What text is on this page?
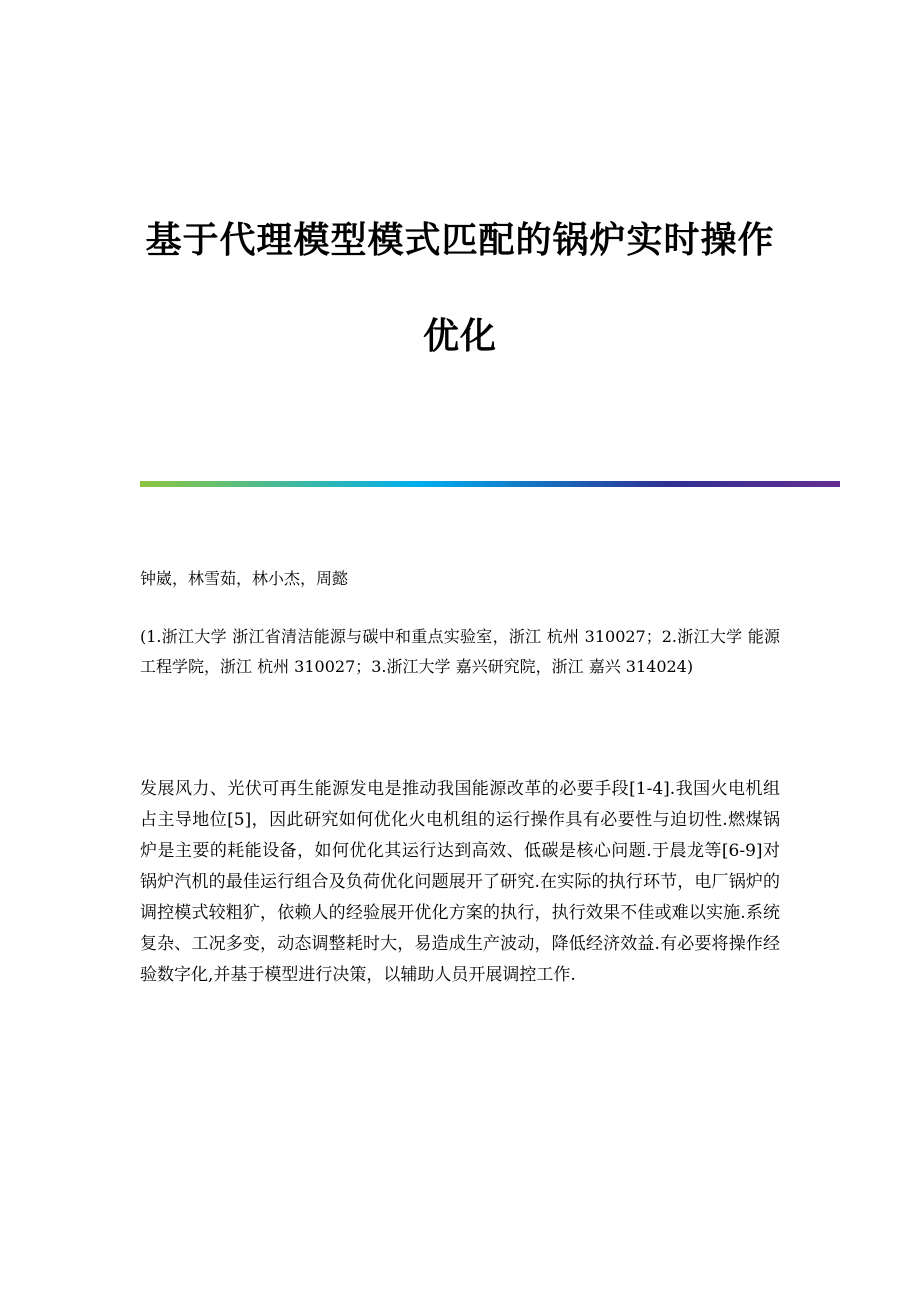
基于代理模型模式匹配的锅炉实时操作
优化

钟崴，林雪茹，林小杰，周懿

(1.浙江大学 浙江省清洁能源与碳中和重点实验室，浙江 杭州 310027；2.浙江大学 能源工程学院，浙江 杭州 310027；3.浙江大学 嘉兴研究院，浙江 嘉兴 314024)

发展风力、光伏可再生能源发电是推动我国能源改革的必要手段[1-4].我国火电机组占主导地位[5]，因此研究如何优化火电机组的运行操作具有必要性与迫切性.燃煤锅炉是主要的耗能设备，如何优化其运行达到高效、低碳是核心问题.于晨龙等[6-9]对锅炉汽机的最佳运行组合及负荷优化问题展开了研究.在实际的执行环节，电厂锅炉的调控模式较粗犷，依赖人的经验展开优化方案的执行，执行效果不佳或难以实施.系统复杂、工况多变，动态调整耗时大，易造成生产波动，降低经济效益.有必要将操作经验数字化,并基于模型进行决策，以辅助人员开展调控工作.
